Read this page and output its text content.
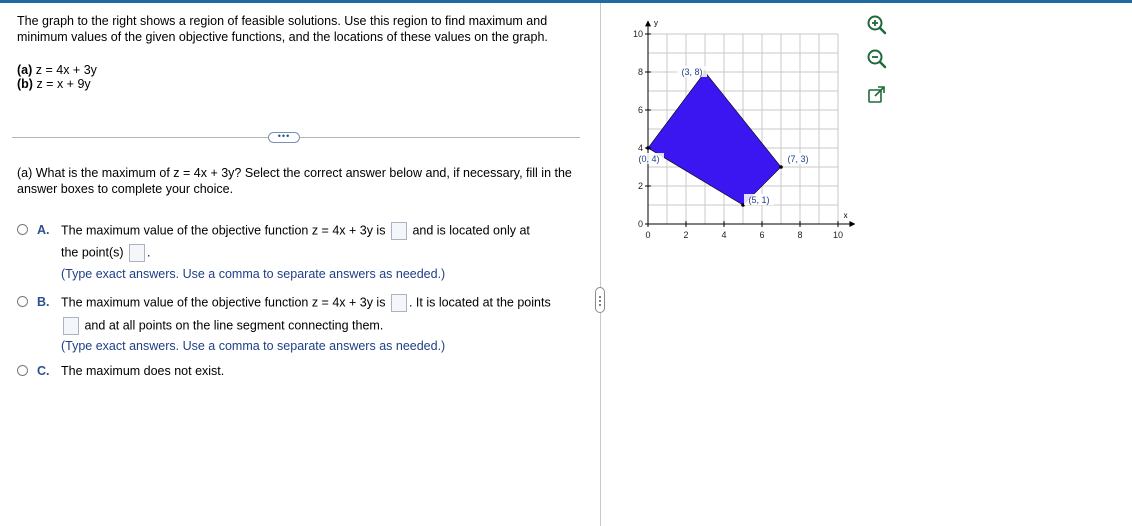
The graph to the right shows a region of feasible solutions. Use this region to find maximum and minimum values of the given objective functions, and the locations of these values on the graph.
(a) z = 4x + 3y
(b) z = x + 9y
•••
(a) What is the maximum of z = 4x + 3y? Select the correct answer below and, if necessary, fill in the answer boxes to complete your choice.
A. The maximum value of the objective function z = 4x + 3y is and is located only at
the point(s) .
(Type exact answers. Use a comma to separate answers as needed.)
B. The maximum value of the objective function z = 4x + 3y is . It is located at the points
and at all points on the line segment connecting them.
(Type exact answers. Use a comma to separate answers as needed.)
C. The maximum does not exist.
x
y
0	2	4	6	8	10
0
2
4
6
8
10
(0, 4)
(3, 8)
(7, 3)
(5, 1)
